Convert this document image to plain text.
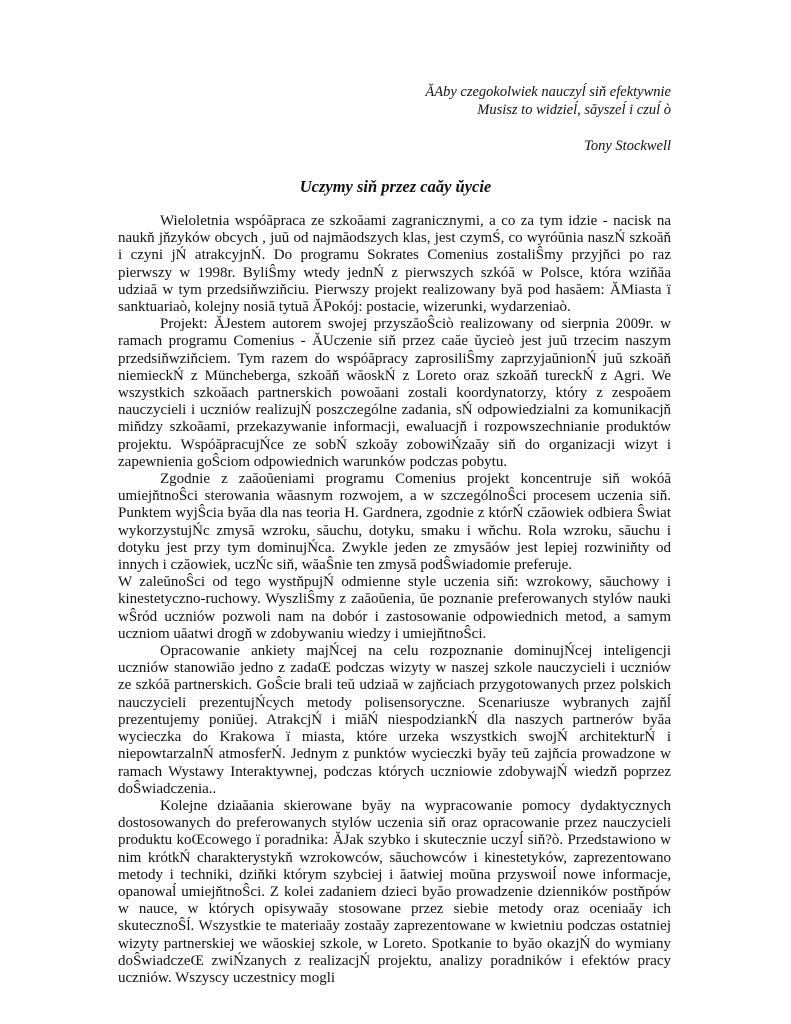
ĂAby czegokolwiek nauczyĺ siň efektywnie
Musisz to widzieĺ, săyszeĺ i czuĺ ò
Tony Stockwell
Uczymy siň przez caăy ŭycie

Wieloletnia wspóăpraca ze szkoăami zagranicznymi, a co za tym idzie - nacisk na naukň jňzyków obcych , juŭ od najmăodszych klas, jest czymŚ, co wyróŭnia naszŃ szkoăň i czyni jŃ atrakcyjnŃ. Do programu Sokrates Comenius zostaliŜmy przyjňci po raz pierwszy w 1998r. ByliŜmy wtedy jednŃ z pierwszych szkóă w Polsce, która wziňăa udziaă w tym przedsiňwziňciu. Pierwszy projekt realizowany byă pod hasăem: ĂMiasta ï sanktuariaò, kolejny nosiă tytuă ĂPokój: postacie, wizerunki, wydarzeniaò.

Projekt: ĂJestem autorem swojej przyszăoŜciò realizowany od sierpnia 2009r. w ramach programu Comenius - ĂUczenie siň przez caăe ŭycieò jest juŭ trzecim naszym przedsiňwziňciem. Tym razem do wspóăpracy zaprosiliŜmy zaprzyjaŭnionŃ juŭ szkoăň niemieckŃ z Müncheberga, szkoăň wăoskŃ z Loreto oraz szkoăň tureckŃ z Agri. We wszystkich szkoăach partnerskich powoăani zostali koordynatorzy, który z zespoăem nauczycieli i uczniów realizujŃ poszczególne zadania, sŃ odpowiedzialni za komunikacjň miňdzy szkoăami, przekazywanie informacji, ewaluacjň i rozpowszechnianie produktów projektu. WspóăpracujŃce ze sobŃ szkoăy zobowiŃzaăy siň do organizacji wizyt i zapewnienia goŜciom odpowiednich warunków podczas pobytu.

Zgodnie z zaăoŭeniami programu Comenius projekt koncentruje siň wokóă umiejňtnoŜci sterowania wăasnym rozwojem, a w szczególnoŜci procesem uczenia siň. Punktem wyjŜcia byăa dla nas teoria H. Gardnera, zgodnie z którŃ czăowiek odbiera Ŝwiat wykorzystujŃc zmysă wzroku, săuchu, dotyku, smaku i wňchu. Rola wzroku, săuchu i dotyku jest przy tym dominujŃca. Zwykle jeden ze zmysăów jest lepiej rozwiniňty od innych i czăowiek, uczŃc siň, wăaŜnie ten zmysă podŜwiadomie preferuje.

W zaleŭnoŜci od tego wystňpujŃ odmienne style uczenia siň: wzrokowy, săuchowy i kinestetyczno-ruchowy. WyszliŜmy z zaăoŭenia, ŭe poznanie preferowanych stylów nauki wŜród uczniów pozwoli nam na dobór i zastosowanie odpowiednich metod, a samym uczniom uăatwi drogň w zdobywaniu wiedzy i umiejňtnoŜci.

Opracowanie ankiety majŃcej na celu rozpoznanie dominujŃcej inteligencji uczniów stanowiăo jedno z zadaŒ podczas wizyty w naszej szkole nauczycieli i uczniów ze szkóă partnerskich. GoŜcie brali teŭ udziaă w zajňciach przygotowanych przez polskich nauczycieli prezentujŃcych metody polisensoryczne. Scenariusze wybranych zajňĺ prezentujemy poniŭej. AtrakcjŃ i miăŃ niespodziankŃ dla naszych partnerów byăa wycieczka do Krakowa ï miasta, które urzeka wszystkich swojŃ architekturŃ i niepowtarzalnŃ atmosferŃ. Jednym z punktów wycieczki byăy teŭ zajňcia prowadzone w ramach Wystawy Interaktywnej, podczas których uczniowie zdobywajŃ wiedzň poprzez doŜwiadczenia..

Kolejne dziaăania skierowane byăy na wypracowanie pomocy dydaktycznych dostosowanych do preferowanych stylów uczenia siň oraz opracowanie przez nauczycieli produktu koŒcowego ï poradnika: ĂJak szybko i skutecznie uczyĺ siň?ò. Przedstawiono w nim krótkŃ charakterystykň wzrokowców, săuchowców i kinestetyków, zaprezentowano metody i techniki, dziňki którym szybciej i ăatwiej moŭna przyswoiĺ nowe informacje, opanowaĺ umiejňtnoŜci. Z kolei zadaniem dzieci byăo prowadzenie dzienników postňpów w nauce, w których opisywaăy stosowane przez siebie metody oraz oceniaăy ich skutecznoŜĺ. Wszystkie te materiaăy zostaăy zaprezentowane w kwietniu podczas ostatniej wizyty partnerskiej we wăoskiej szkole, w Loreto. Spotkanie to byăo okazjŃ do wymiany doŜwiadczeŒ zwiŃzanych z realizacjŃ projektu, analizy poradników i efektów pracy uczniów. Wszyscy uczestnicy mogli
